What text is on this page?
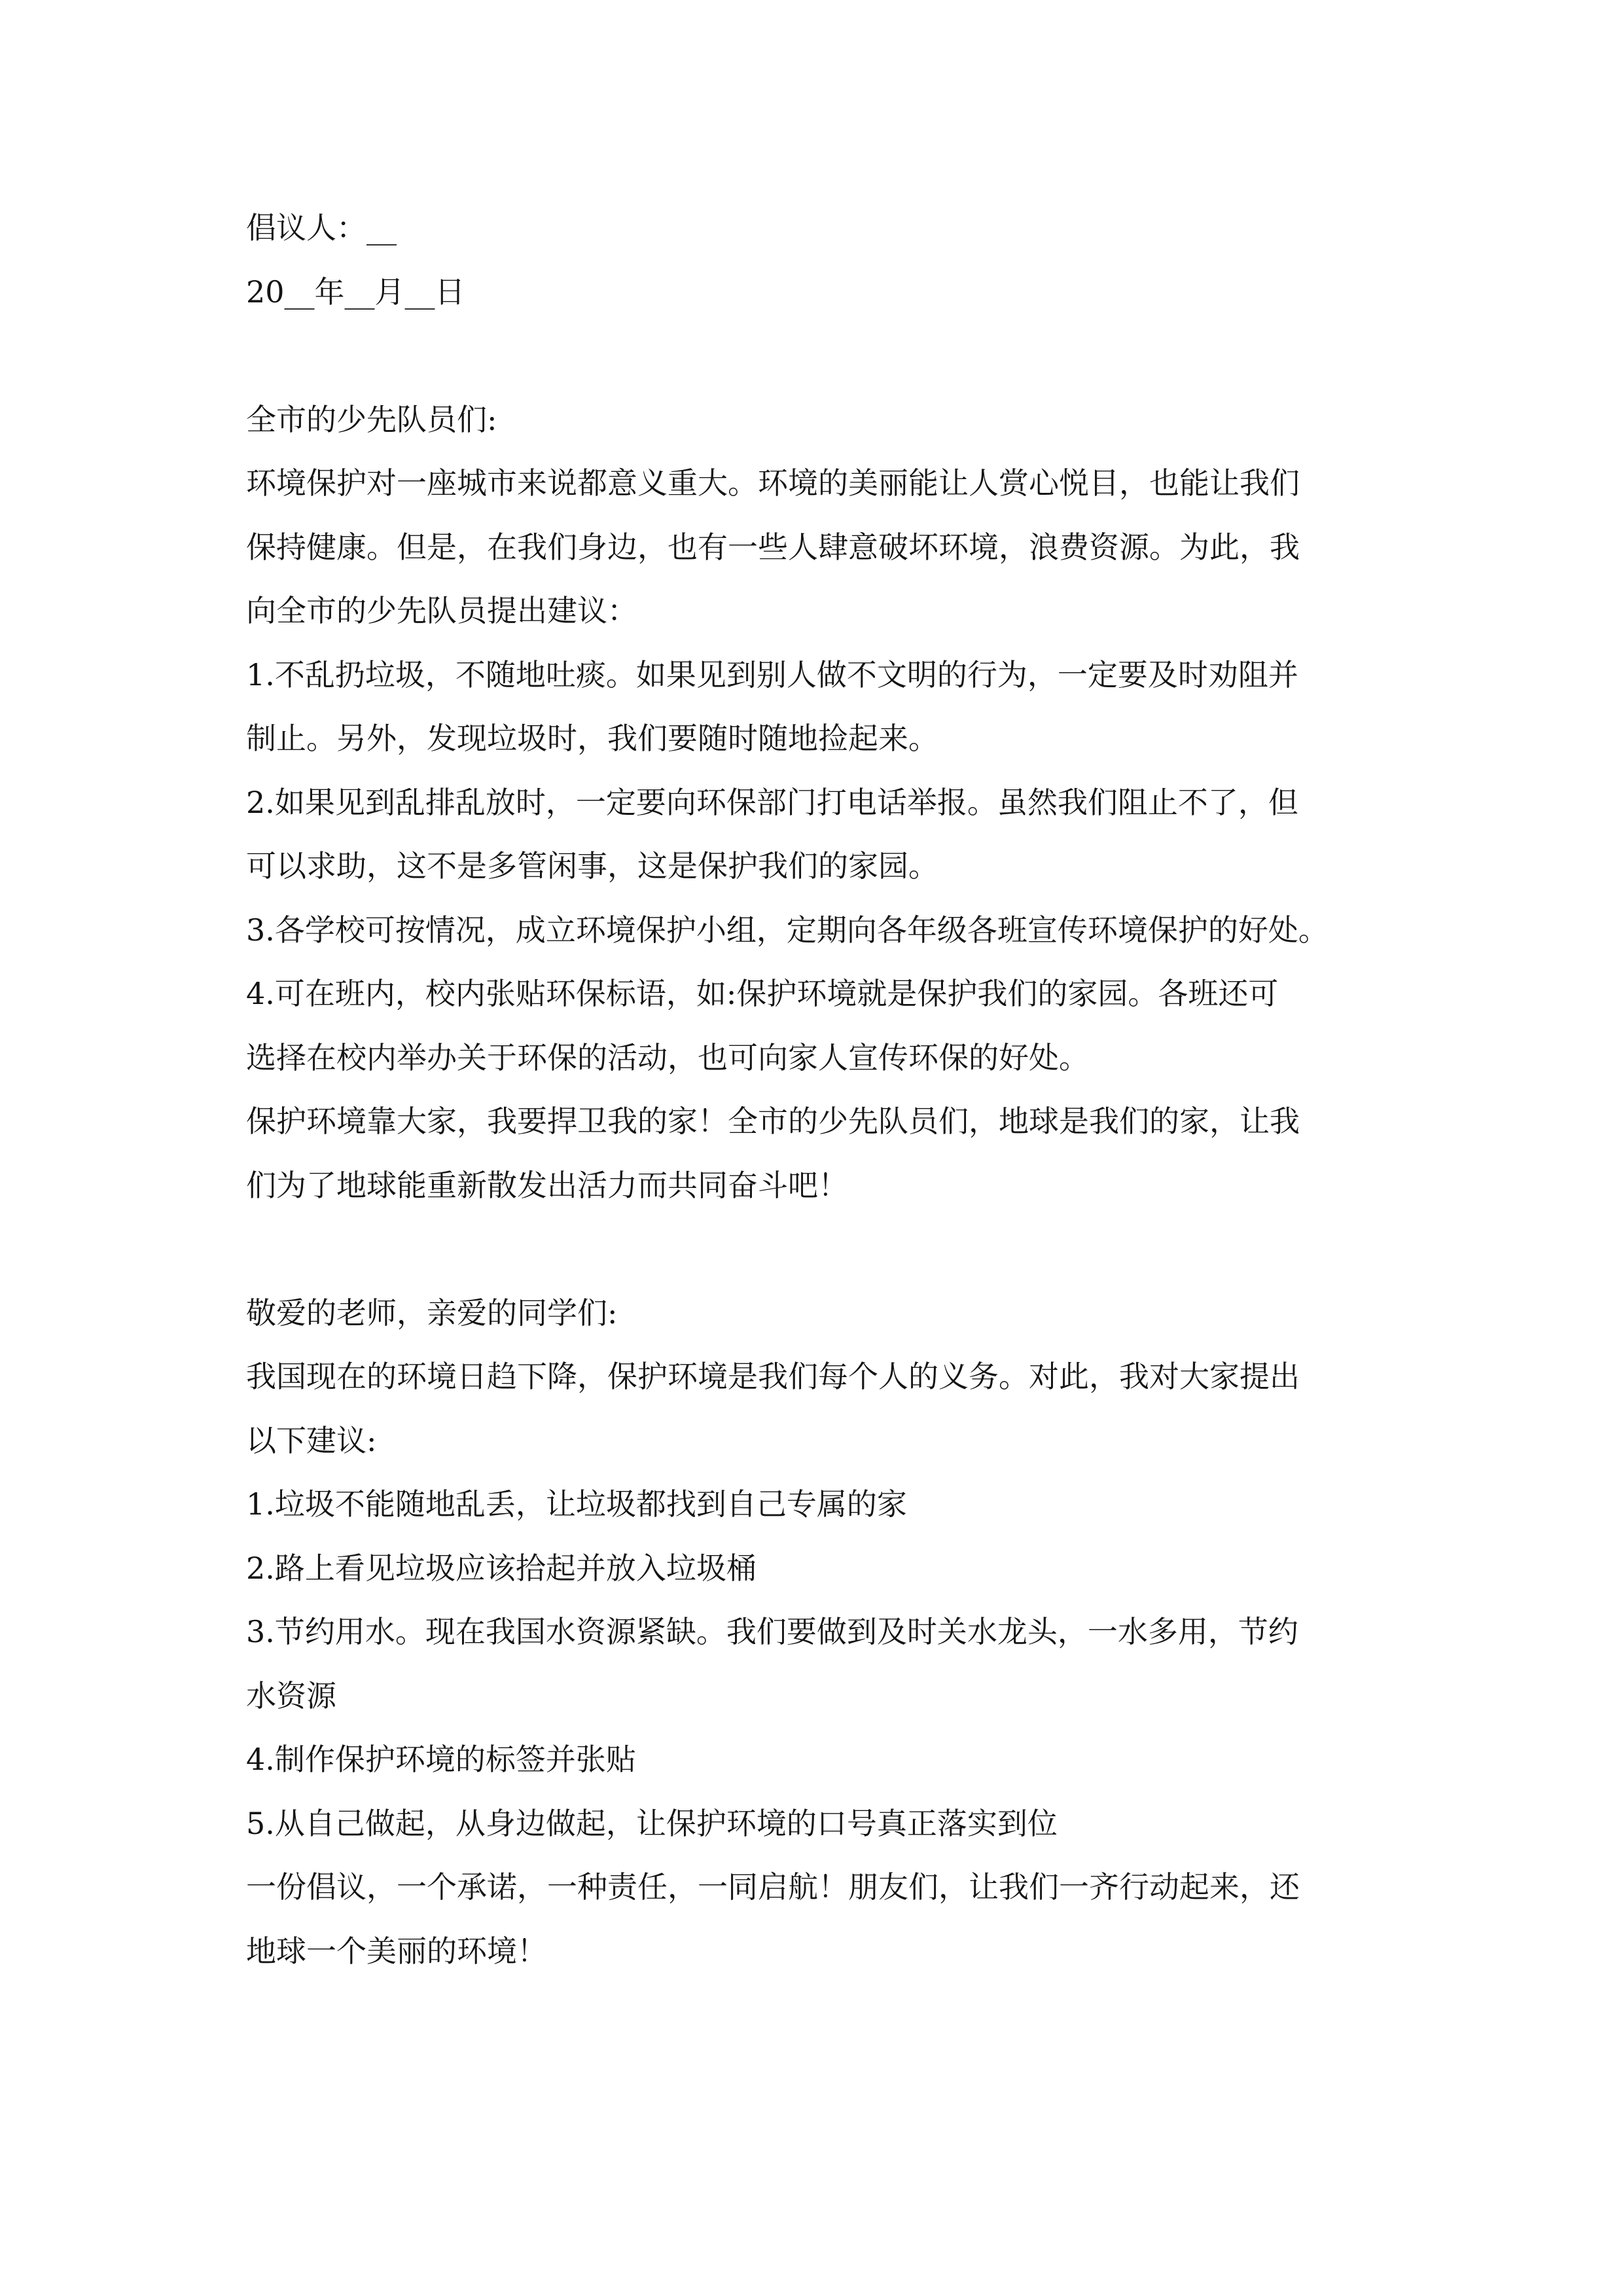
倡议人：__
20__年__月__日
全市的少先队员们:
环境保护对一座城市来说都意义重大。环境的美丽能让人赏心悦目，也能让我们
保持健康。但是，在我们身边，也有一些人肆意破坏环境，浪费资源。为此，我
向全市的少先队员提出建议：
1.不乱扔垃圾，不随地吐痰。如果见到别人做不文明的行为，一定要及时劝阻并
制止。另外，发现垃圾时，我们要随时随地捡起来。
2.如果见到乱排乱放时，一定要向环保部门打电话举报。虽然我们阻止不了，但
可以求助，这不是多管闲事，这是保护我们的家园。
3.各学校可按情况，成立环境保护小组，定期向各年级各班宣传环境保护的好处。
4.可在班内，校内张贴环保标语，如:保护环境就是保护我们的家园。各班还可
选择在校内举办关于环保的活动，也可向家人宣传环保的好处。
保护环境靠大家，我要捍卫我的家！全市的少先队员们，地球是我们的家，让我
们为了地球能重新散发出活力而共同奋斗吧！
敬爱的老师，亲爱的同学们:
我国现在的环境日趋下降，保护环境是我们每个人的义务。对此，我对大家提出
以下建议:
1.垃圾不能随地乱丢，让垃圾都找到自己专属的家
2.路上看见垃圾应该拾起并放入垃圾桶
3.节约用水。现在我国水资源紧缺。我们要做到及时关水龙头，一水多用，节约
水资源
4.制作保护环境的标签并张贴
5.从自己做起，从身边做起，让保护环境的口号真正落实到位
一份倡议，一个承诺，一种责任，一同启航！朋友们，让我们一齐行动起来，还
地球一个美丽的环境！
